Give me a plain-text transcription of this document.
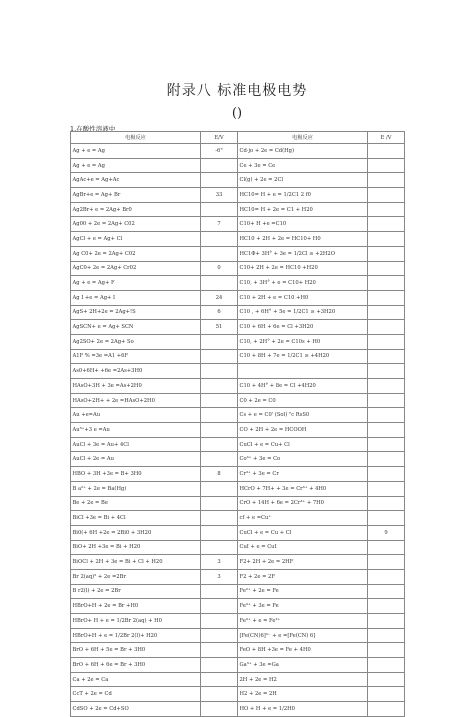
附录八 标准电极电势
()
1.在酸性溶液中
电极反应	E/V	电极反应	E /V
Ag + e = Ag	-6"	Cd·jo + 2e = Cd(Hg)	
Ag + e = Ag		Ce + 3e = Ce	
AgAc+e = Ag+Ac		Cl(g) + 2e = 2Cl	
AgBr+e = Ag+ Br	33	HC10= H + e = 1/2C1 2 f0	
Ag2Br+ e = 2Ag+ Br0		HC10= H + 2e = C1 + H20	
Ag00 + 2e = 2Ag+ C02	7	C10+ H +e =C10	
AgCl + e = Ag+ Cl		HC10 + 2H + 2e = HC10+ H0	
Ag C0+ 2e = 2Ag+ C02		HC1Φ+ 3H° + 3e = 1/2Cl ≥ +2H2O	
AgC0+ 2e = 2Ag+ Cr02	0	C10+ 2H + 2e = HC10 +H20	
Ag + e = Ag+ F		C10, + 3H° + e = C10+ H20	
Ag I +e = Ag+ I	24	C10 + 2H + e = C10 +H0	
AgS+ 2H+2e = 2Ag+!S	6	C10 , + 6H° + 5e = 1/2C1 ≥ +3H20	
AgSCN+ e = Ag+ SCN	51	C10 + 6H + 6e = Cl +3H20	
Ag2SO+ 2e = 2Ag+ So		C10, + 2H° + 2e = C10s + H0	
A1F % =3e =A1 +6F		C10 + 8H + 7e = 1/2C1 ≥ +4H20	
As0+6H+ +6e =2As+3H0			
HAsO+3H + 3e =As+2H0		C10 + 4H° + 8e = Cl +4H20	
HAsO+2H+ + 2e =HAsO+2H0		C0 + 2e = C0	
Au +e=Au		Cs + e = C0' (Sol) "c RsS0	
Au³⁺+3 e =Au		CO + 2H + 2e = HCOOH	
AuCl + 3e = Au+ 4Cl		CuCl + e = Cu+ Cl	
AuCl + 2e = Au		Co³⁺ + 3e = Co	
HBO + 3H +3e = B+ 3H0	8	Cr³⁺ + 3e = Cr	
B a²⁺ + 2e = Ba(Hg)		HCrO + 7H+ + 3e = Cr³⁺ + 4H0	
Be + 2e = Be		CrO + 14H + 6e = 2Cr³⁺ + 7H0	
BiCl +3e = Bi + 4Cl		cf + e =Cu⁺	
Bi0(+ 6H +2e = 2Bi0 + 3H20		CuCl + e = Cu + Cl	9
BiO+ 2H +3e = Bi + H20		CuI + e = CuI	
BiOCl + 2H + 3e = Bi + Cl + H20	3	F2+ 2H + 2e = 2HF	
Br 2(aq)² + 2e =2Br	3	F2 + 2e = 2F	
B r2(l) + 2e = 2Br		Fe²⁺ + 2e = Fe	
HBrO+H + 2e = Br +H0		Fe³⁺ + 3e = Fe	
HBrO+ H + e = 1/2Br 2(aq) + H0		Fe³⁺ + e = Fe²⁺	
HBrO+H + e = 1/2Br 2(l)+ H20		[Fe(CN)6]³⁻ + e =[Fe(CN) 6]	
BrO + 6H + 5e = Br + 3H0		FeO + 8H +3e = Fe + 4H0	
BrO + 6H + 6e = Br + 3H0		Ga³⁺ + 3e =Ga	
Ca + 2e = Ca		2H + 2e = H2	
CcT + 2e = Cd		H2 + 2e = 2H	
CdSO + 2e = Cd+SO		HO + H + e = 1/2H0	
